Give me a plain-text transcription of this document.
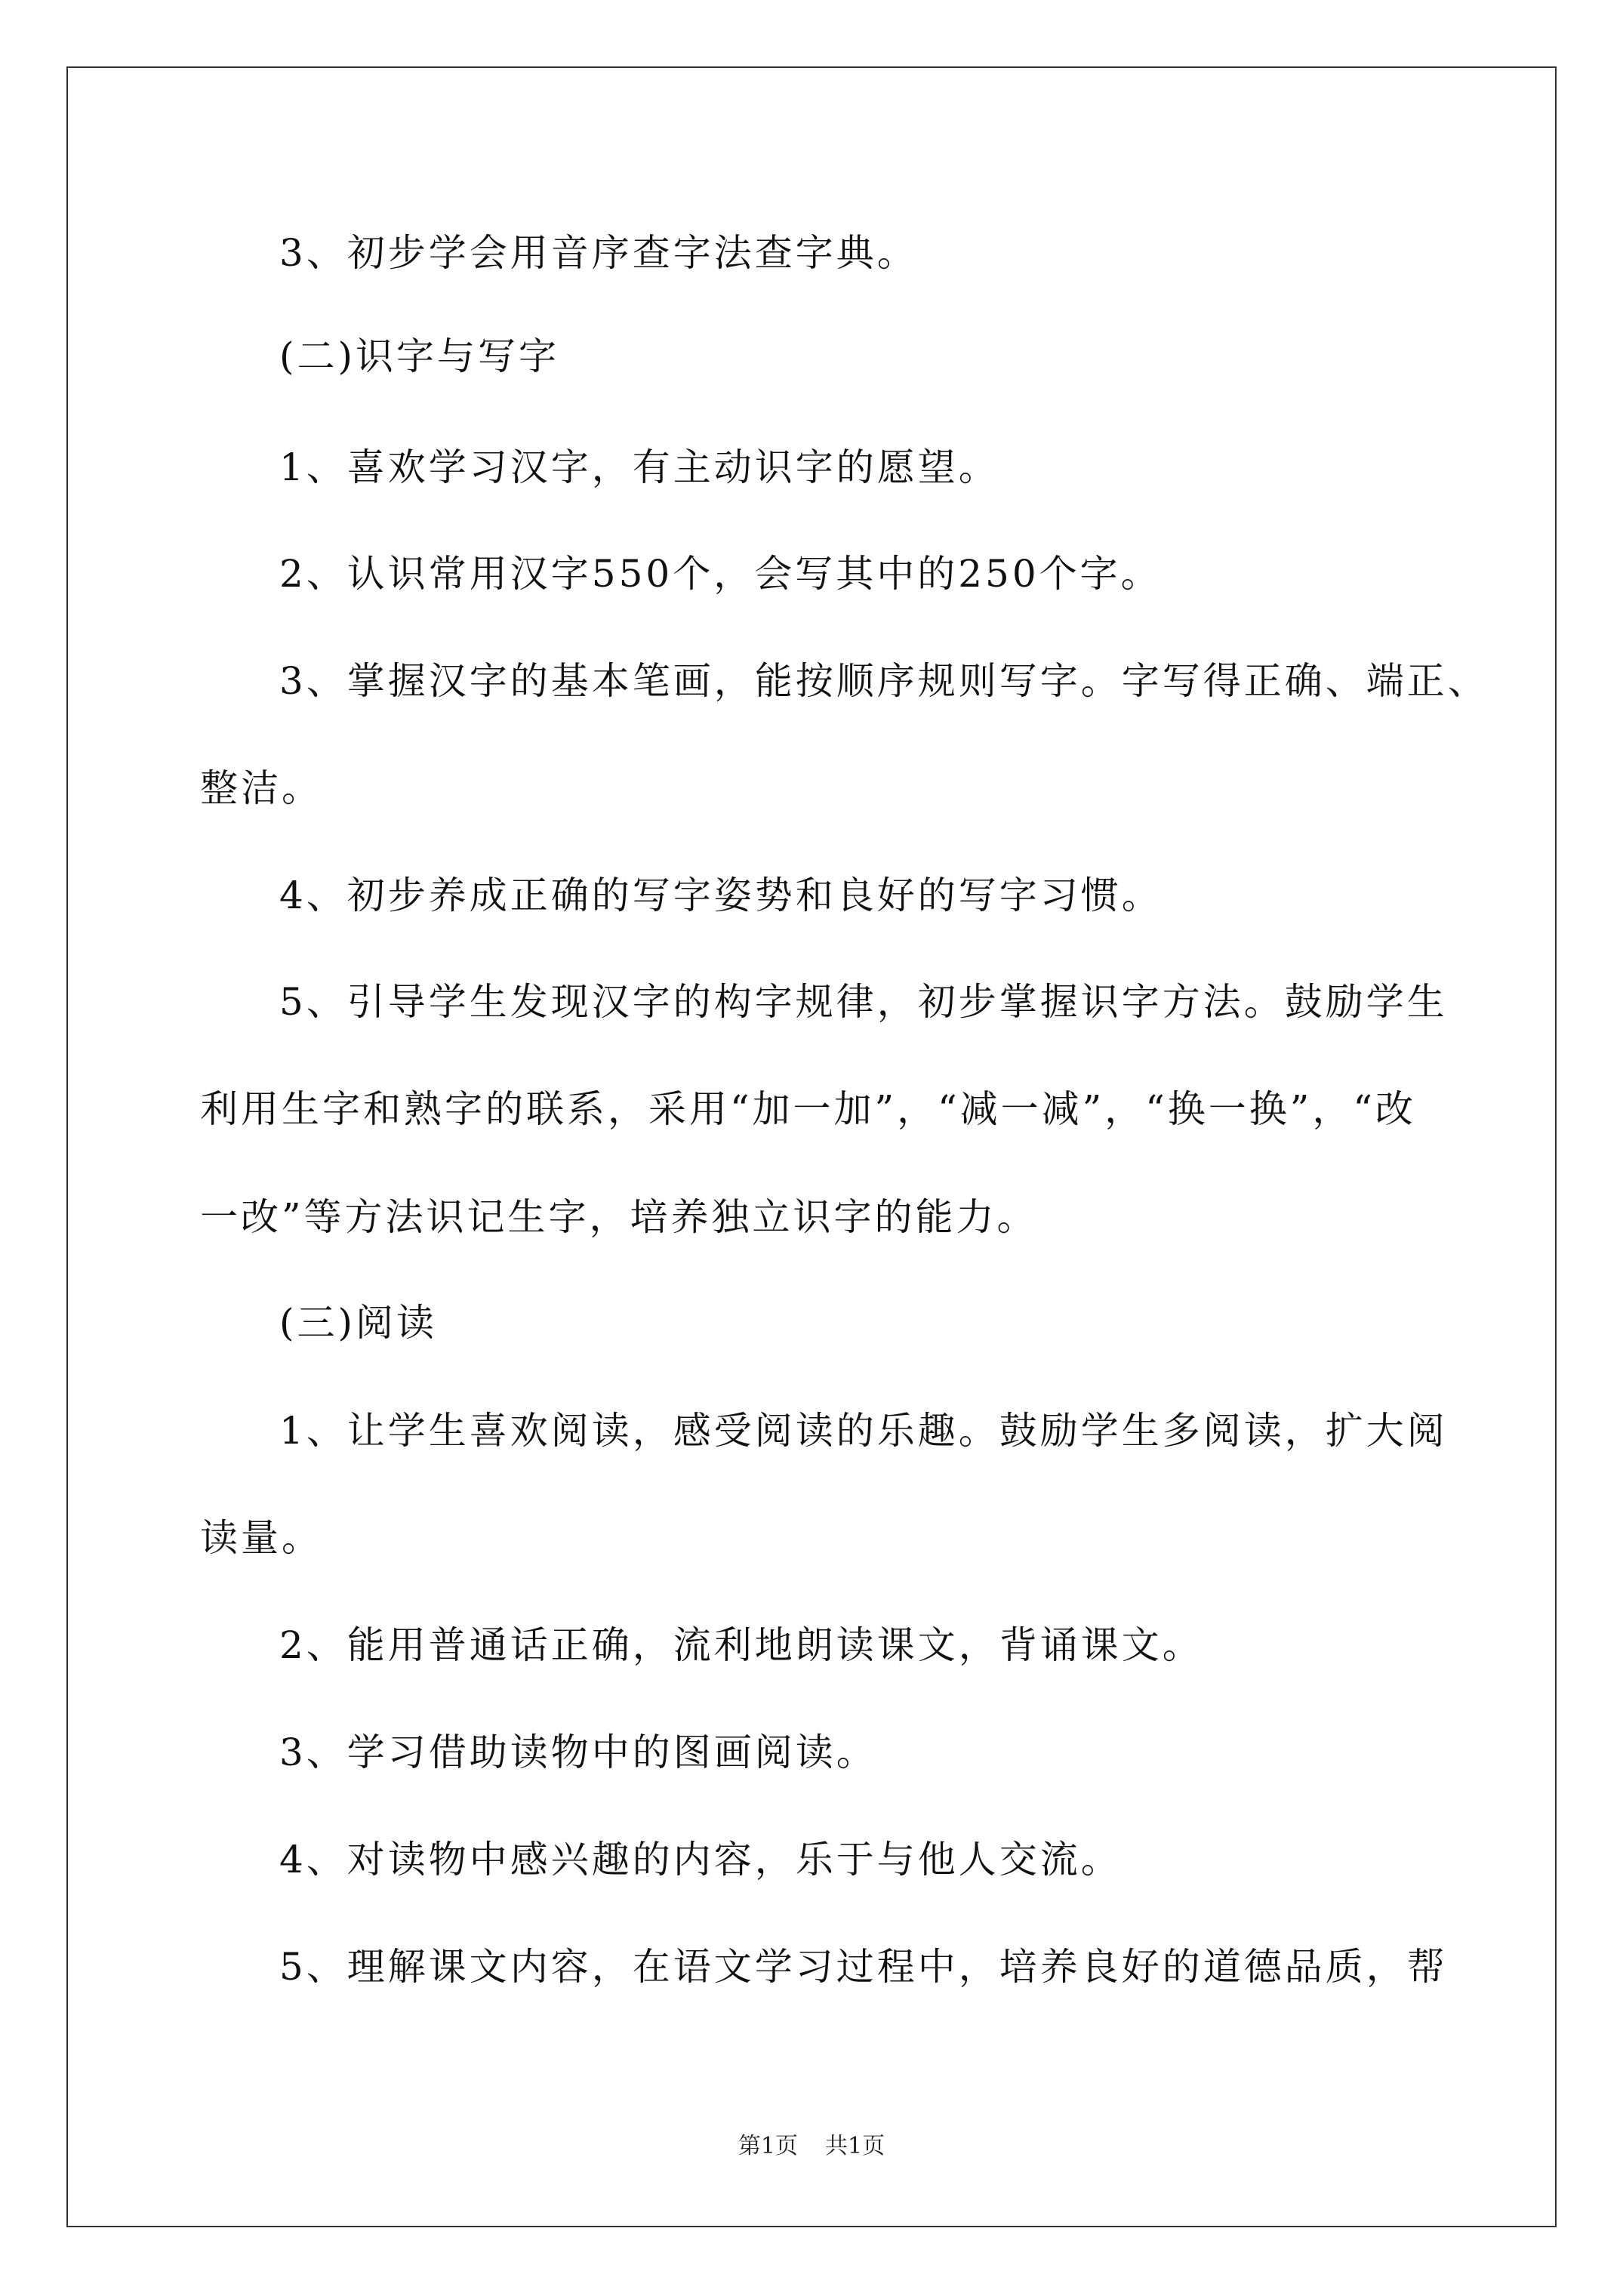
3、初步学会用音序查字法查字典。
(二)识字与写字
1、喜欢学习汉字，有主动识字的愿望。
2、认识常用汉字550个，会写其中的250个字。
3、掌握汉字的基本笔画，能按顺序规则写字。字写得正确、端正、
整洁。
4、初步养成正确的写字姿势和良好的写字习惯。
5、引导学生发现汉字的构字规律，初步掌握识字方法。鼓励学生
利用生字和熟字的联系，采用“加一加”，“减一减”，“换一换”，“改
一改”等方法识记生字，培养独立识字的能力。
(三)阅读
1、让学生喜欢阅读，感受阅读的乐趣。鼓励学生多阅读，扩大阅
读量。
2、能用普通话正确，流利地朗读课文，背诵课文。
3、学习借助读物中的图画阅读。
4、对读物中感兴趣的内容，乐于与他人交流。
5、理解课文内容，在语文学习过程中，培养良好的道德品质，帮
第1页 共1页
